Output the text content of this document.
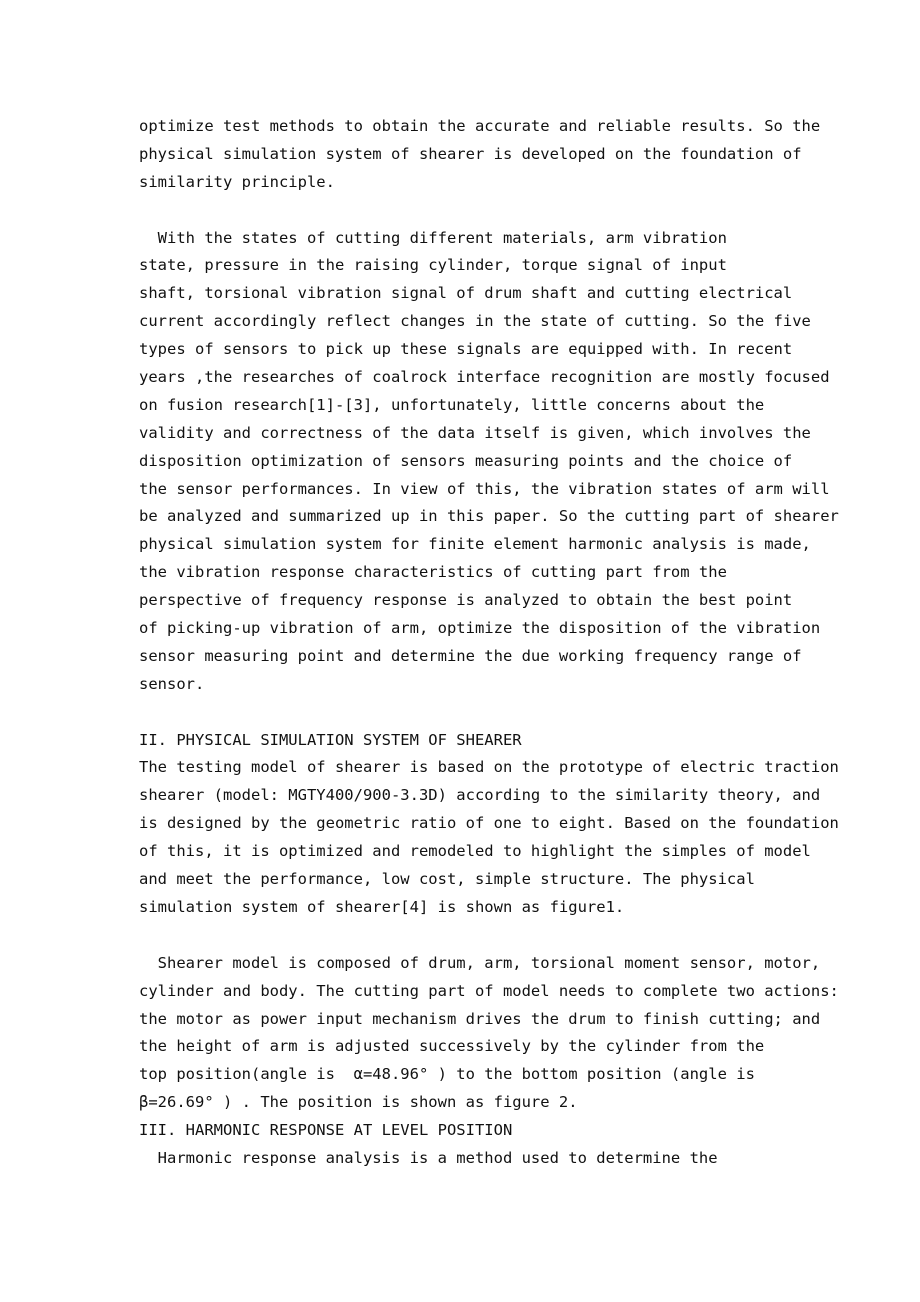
optimize test methods to obtain the accurate and reliable results. So the
physical simulation system of shearer is developed on the foundation of
similarity principle.
With the states of cutting different materials, arm vibration
state, pressure in the raising cylinder, torque signal of input
shaft, torsional vibration signal of drum shaft and cutting electrical
current accordingly reflect changes in the state of cutting. So the five
types of sensors to pick up these signals are equipped with. In recent
years ,the researches of coalrock interface recognition are mostly focused
on fusion research[1]-[3], unfortunately, little concerns about the
validity and correctness of the data itself is given, which involves the
disposition optimization of sensors measuring points and the choice of
the sensor performances. In view of this, the vibration states of arm will
be analyzed and summarized up in this paper. So the cutting part of shearer
physical simulation system for finite element harmonic analysis is made,
the vibration response characteristics of cutting part from the
perspective of frequency response is analyzed to obtain the best point
of picking-up vibration of arm, optimize the disposition of the vibration
sensor measuring point and determine the due working frequency range of
sensor.
II. PHYSICAL SIMULATION SYSTEM OF SHEARER
The testing model of shearer is based on the prototype of electric traction
shearer (model: MGTY400/900-3.3D) according to the similarity theory, and
is designed by the geometric ratio of one to eight. Based on the foundation
of this, it is optimized and remodeled to highlight the simples of model
and meet the performance, low cost, simple structure. The physical
simulation system of shearer[4] is shown as figure1.
Shearer model is composed of drum, arm, torsional moment sensor, motor,
cylinder and body. The cutting part of model needs to complete two actions:
the motor as power input mechanism drives the drum to finish cutting; and
the height of arm is adjusted successively by the cylinder from the
top position(angle is  α=48.96° ) to the bottom position (angle is
β=26.69° ) . The position is shown as figure 2.
III. HARMONIC RESPONSE AT LEVEL POSITION
Harmonic response analysis is a method used to determine the
